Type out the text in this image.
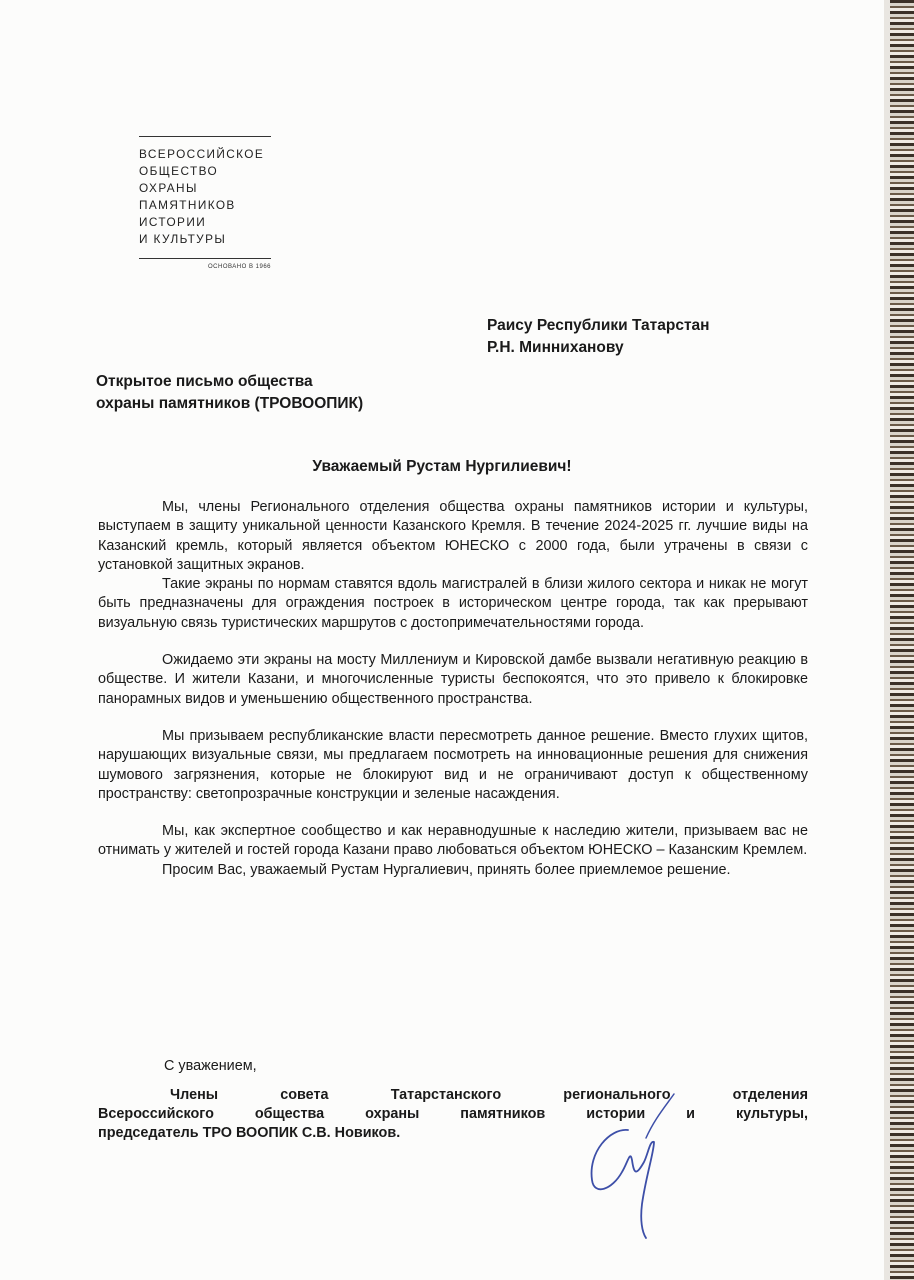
ВСЕРОССИЙСКОЕ
ОБЩЕСТВО
ОХРАНЫ
ПАМЯТНИКОВ
ИСТОРИИ
И КУЛЬТУРЫ
ОСНОВАНО В 1966
Раису Республики Татарстан
Р.Н. Минниханову
Открытое письмо общества
охраны памятников (ТРОВООПИК)
Уважаемый Рустам Нургилиевич!

Мы, члены Регионального отделения общества охраны памятников истории и культуры, выступаем в защиту уникальной ценности Казанского Кремля. В течение 2024-2025 гг. лучшие виды на Казанский кремль, который является объектом ЮНЕСКО с 2000 года, были утрачены в связи с установкой защитных экранов.

Такие экраны по нормам ставятся вдоль магистралей в близи жилого сектора и никак не могут быть предназначены для ограждения построек в историческом центре города, так как прерывают визуальную связь туристических маршрутов с достопримечательностями города.

Ожидаемо эти экраны на мосту Миллениум и Кировской дамбе вызвали негативную реакцию в обществе. И жители Казани, и многочисленные туристы беспокоятся, что это привело к блокировке панорамных видов и уменьшению общественного пространства.

Мы призываем республиканские власти пересмотреть данное решение. Вместо глухих щитов, нарушающих визуальные связи, мы предлагаем посмотреть на инновационные решения для снижения шумового загрязнения, которые не блокируют вид и не ограничивают доступ к общественному пространству: светопрозрачные конструкции и зеленые насаждения.

Мы, как экспертное сообщество и как неравнодушные к наследию жители, призываем вас не отнимать у жителей и гостей города Казани право любоваться объектом ЮНЕСКО – Казанским Кремлем.

Просим Вас, уважаемый Рустам Нургалиевич, принять более приемлемое решение.

С уважением,
Члены совета Татарстанского регионального отделения
Всероссийского общества охраны памятников истории и культуры,
председатель ТРО ВООПИК С.В. Новиков.
